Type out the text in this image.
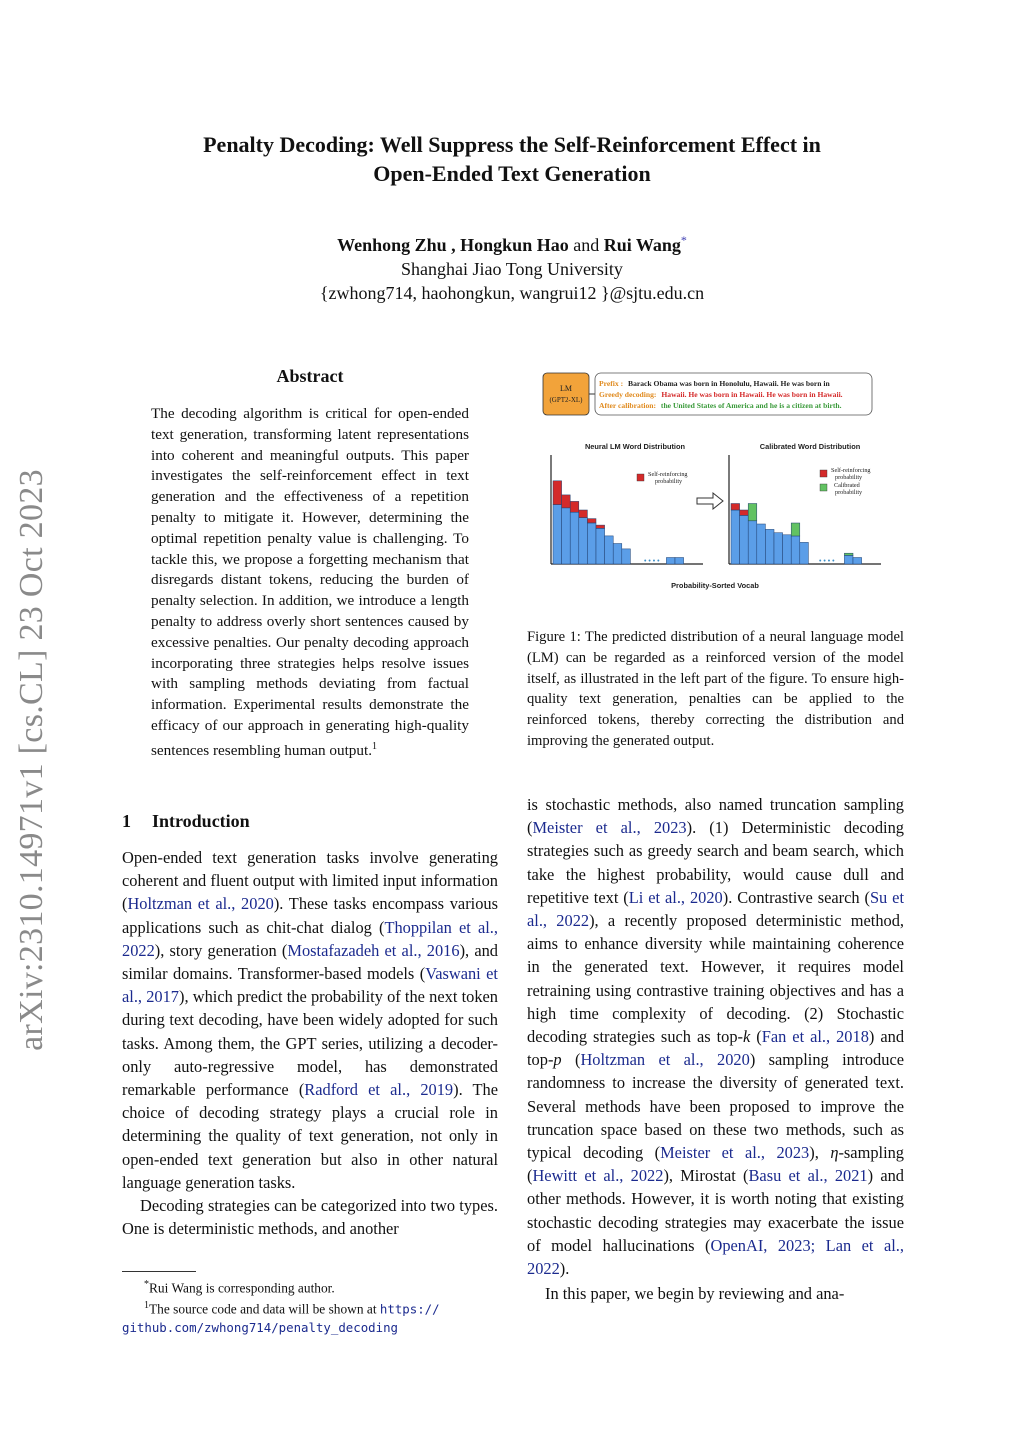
arXiv:2310.14971v1 [cs.CL] 23 Oct 2023
Penalty Decoding: Well Suppress the Self-Reinforcement Effect in
Open-Ended Text Generation
Wenhong Zhu , Hongkun Hao and Rui Wang*
Shanghai Jiao Tong University
{zwhong714, haohongkun, wangrui12 }@sjtu.edu.cn
Abstract
The decoding algorithm is critical for open-ended text generation, transforming latent representations into coherent and meaningful outputs. This paper investigates the self-reinforcement effect in text generation and the effectiveness of a repetition penalty to mitigate it. However, determining the optimal repetition penalty value is challenging. To tackle this, we propose a forgetting mechanism that disregards distant tokens, reducing the burden of penalty selection. In addition, we introduce a length penalty to address overly short sentences caused by excessive penalties. Our penalty decoding approach incorporating three strategies helps resolve issues with sampling methods deviating from factual information. Experimental results demonstrate the efficacy of our approach in generating high-quality sentences resembling human output.$^1$
1 Introduction

Open-ended text generation tasks involve generating coherent and fluent output with limited input information (Holtzman et al., 2020). These tasks encompass various applications such as chit-chat dialog (Thoppilan et al., 2022), story generation (Mostafazadeh et al., 2016), and similar domains. Transformer-based models (Vaswani et al., 2017), which predict the probability of the next token during text decoding, have been widely adopted for such tasks. Among them, the GPT series, utilizing a decoder-only auto-regressive model, has demonstrated remarkable performance (Radford et al., 2019). The choice of decoding strategy plays a crucial role in determining the quality of text generation, not only in open-ended text generation but also in other natural language generation tasks.

Decoding strategies can be categorized into two types. One is deterministic methods, and another

*Rui Wang is corresponding author.
$^1$The source code and data will be shown at https://
github.com/zwhong714/penalty_decoding
LM
(GPT2-XL)
Prefix : Barack Obama was born in Honolulu, Hawaii. He was born in
Greedy decoding: Hawaii. He was born in Hawaii. He was born in Hawaii.
After calibration: the United States of America and he is a citizen at birth.
Neural LM Word Distribution	Calibrated Word Distribution
• • • •	• • • •
Self-reinforcing
probability
Self-reinforcing
probability
Calibrated
probability
Probability-Sorted Vocab
Figure 1: The predicted distribution of a neural language model (LM) can be regarded as a reinforced version of the model itself, as illustrated in the left part of the figure. To ensure high-quality text generation, penalties can be applied to the reinforced tokens, thereby correcting the distribution and improving the generated output.

is stochastic methods, also named truncation sampling (Meister et al., 2023). (1) Deterministic decoding strategies such as greedy search and beam search, which take the highest probability, would cause dull and repetitive text (Li et al., 2020). Contrastive search (Su et al., 2022), a recently proposed deterministic method, aims to enhance diversity while maintaining coherence in the generated text. However, it requires model retraining using contrastive training objectives and has a high time complexity of decoding. (2) Stochastic decoding strategies such as top-k (Fan et al., 2018) and top-p (Holtzman et al., 2020) sampling introduce randomness to increase the diversity of generated text. Several methods have been proposed to improve the truncation space based on these two methods, such as typical decoding (Meister et al., 2023), η-sampling (Hewitt et al., 2022), Mirostat (Basu et al., 2021) and other methods. However, it is worth noting that existing stochastic decoding strategies may exacerbate the issue of model hallucinations (OpenAI, 2023; Lan et al., 2022).

In this paper, we begin by reviewing and ana-
